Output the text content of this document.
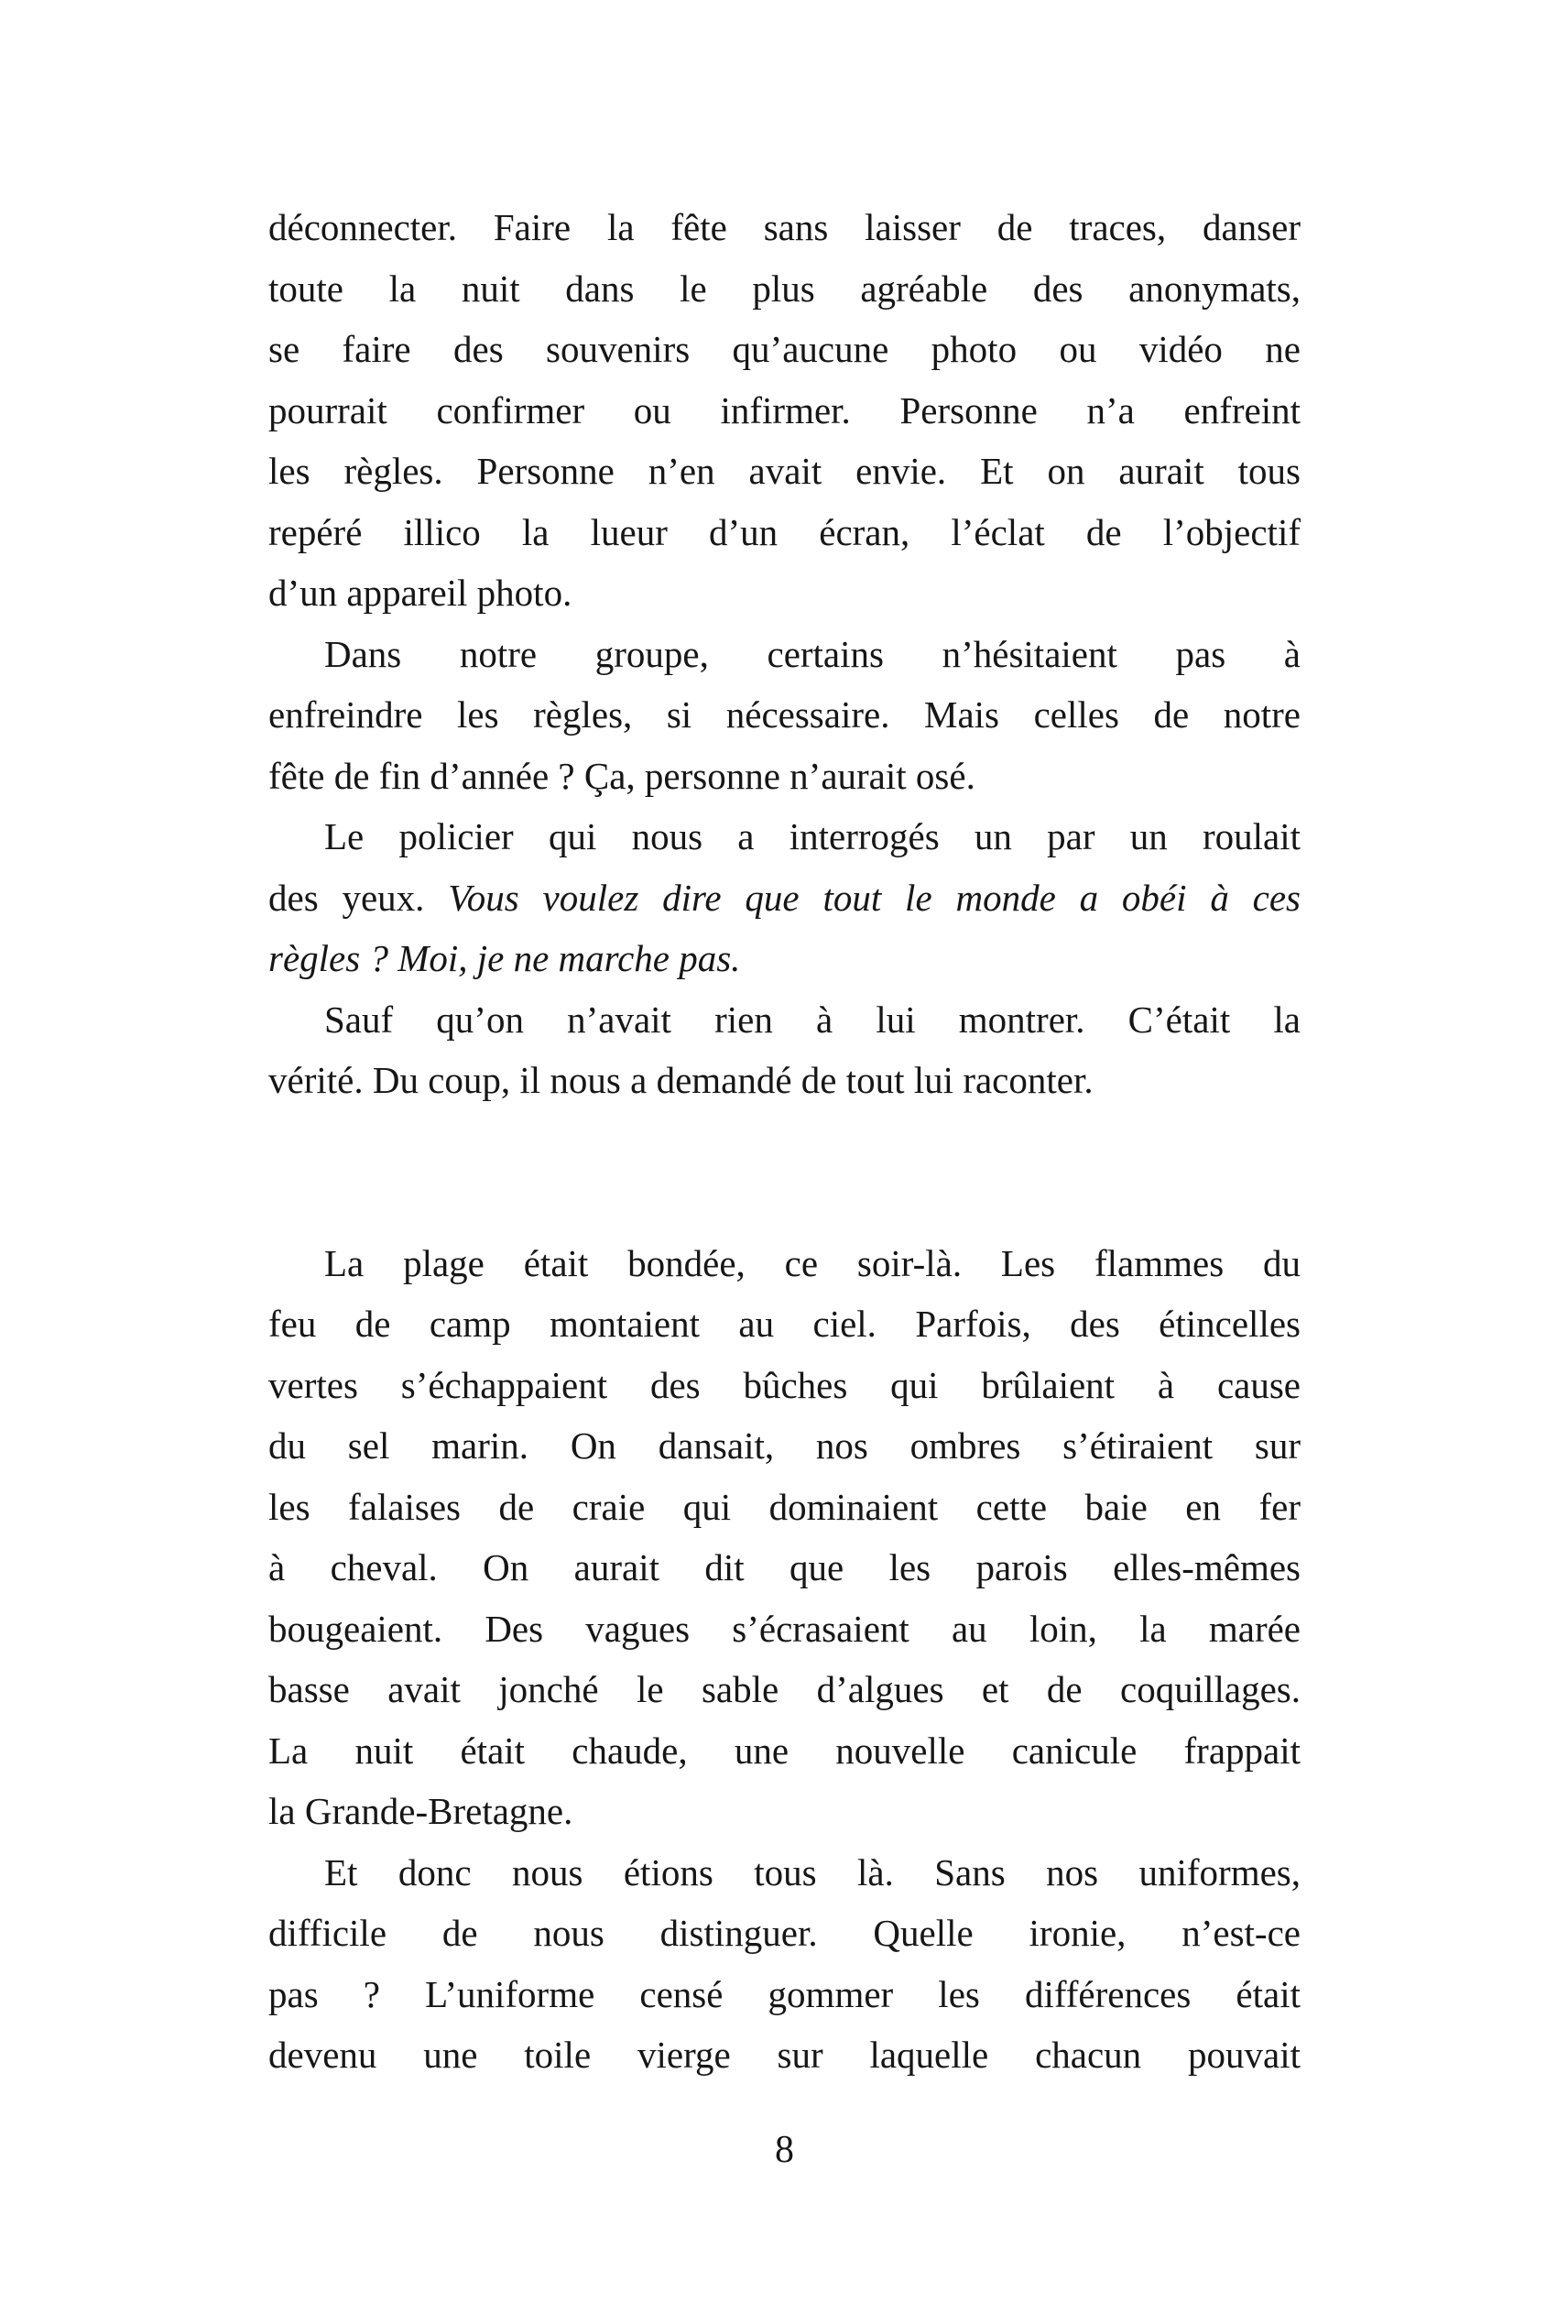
déconnecter. Faire la fête sans laisser de traces, danser
toute la nuit dans le plus agréable des anonymats,
se faire des souvenirs qu’aucune photo ou vidéo ne
pourrait confirmer ou infirmer. Personne n’a enfreint
les règles. Personne n’en avait envie. Et on aurait tous
repéré illico la lueur d’un écran, l’éclat de l’objectif
d’un appareil photo.
Dans notre groupe, certains n’hésitaient pas à
enfreindre les règles, si nécessaire. Mais celles de notre
fête de fin d’année ? Ça, personne n’aurait osé.
Le policier qui nous a interrogés un par un roulait
des yeux. Vous voulez dire que tout le monde a obéi à ces
règles ? Moi, je ne marche pas.
Sauf qu’on n’avait rien à lui montrer. C’était la
vérité. Du coup, il nous a demandé de tout lui raconter.
La plage était bondée, ce soir-là. Les flammes du
feu de camp montaient au ciel. Parfois, des étincelles
vertes s’échappaient des bûches qui brûlaient à cause
du sel marin. On dansait, nos ombres s’étiraient sur
les falaises de craie qui dominaient cette baie en fer
à cheval. On aurait dit que les parois elles-mêmes
bougeaient. Des vagues s’écrasaient au loin, la marée
basse avait jonché le sable d’algues et de coquillages.
La nuit était chaude, une nouvelle canicule frappait
la Grande-Bretagne.
Et donc nous étions tous là. Sans nos uniformes,
difficile de nous distinguer. Quelle ironie, n’est-ce
pas ? L’uniforme censé gommer les différences était
devenu une toile vierge sur laquelle chacun pouvait
8
